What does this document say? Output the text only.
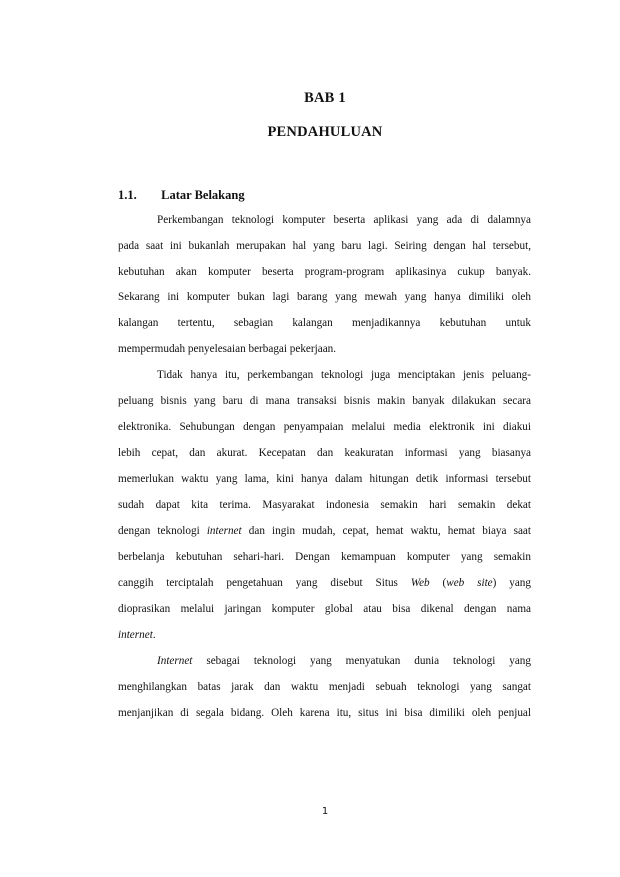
BAB 1
PENDAHULUAN
1.1. Latar Belakang
Perkembangan teknologi komputer beserta aplikasi yang ada di dalamnya
pada saat ini bukanlah merupakan hal yang baru lagi. Seiring dengan hal tersebut,
kebutuhan akan komputer beserta program-program aplikasinya cukup banyak.
Sekarang ini komputer bukan lagi barang yang mewah yang hanya dimiliki oleh
kalangan tertentu, sebagian kalangan menjadikannya kebutuhan untuk
mempermudah penyelesaian berbagai pekerjaan.
Tidak hanya itu, perkembangan teknologi juga menciptakan jenis peluang-
peluang bisnis yang baru di mana transaksi bisnis makin banyak dilakukan secara
elektronika. Sehubungan dengan penyampaian melalui media elektronik ini diakui
lebih cepat, dan akurat. Kecepatan dan keakuratan informasi yang biasanya
memerlukan waktu yang lama, kini hanya dalam hitungan detik informasi tersebut
sudah dapat kita terima. Masyarakat indonesia semakin hari semakin dekat
dengan teknologi internet dan ingin mudah, cepat, hemat waktu, hemat biaya saat
berbelanja kebutuhan sehari-hari. Dengan kemampuan komputer yang semakin
canggih terciptalah pengetahuan yang disebut Situs Web (web site) yang
dioprasikan melalui jaringan komputer global atau bisa dikenal dengan nama
internet.
Internet sebagai teknologi yang menyatukan dunia teknologi yang
menghilangkan batas jarak dan waktu menjadi sebuah teknologi yang sangat
menjanjikan di segala bidang. Oleh karena itu, situs ini bisa dimiliki oleh penjual
1
